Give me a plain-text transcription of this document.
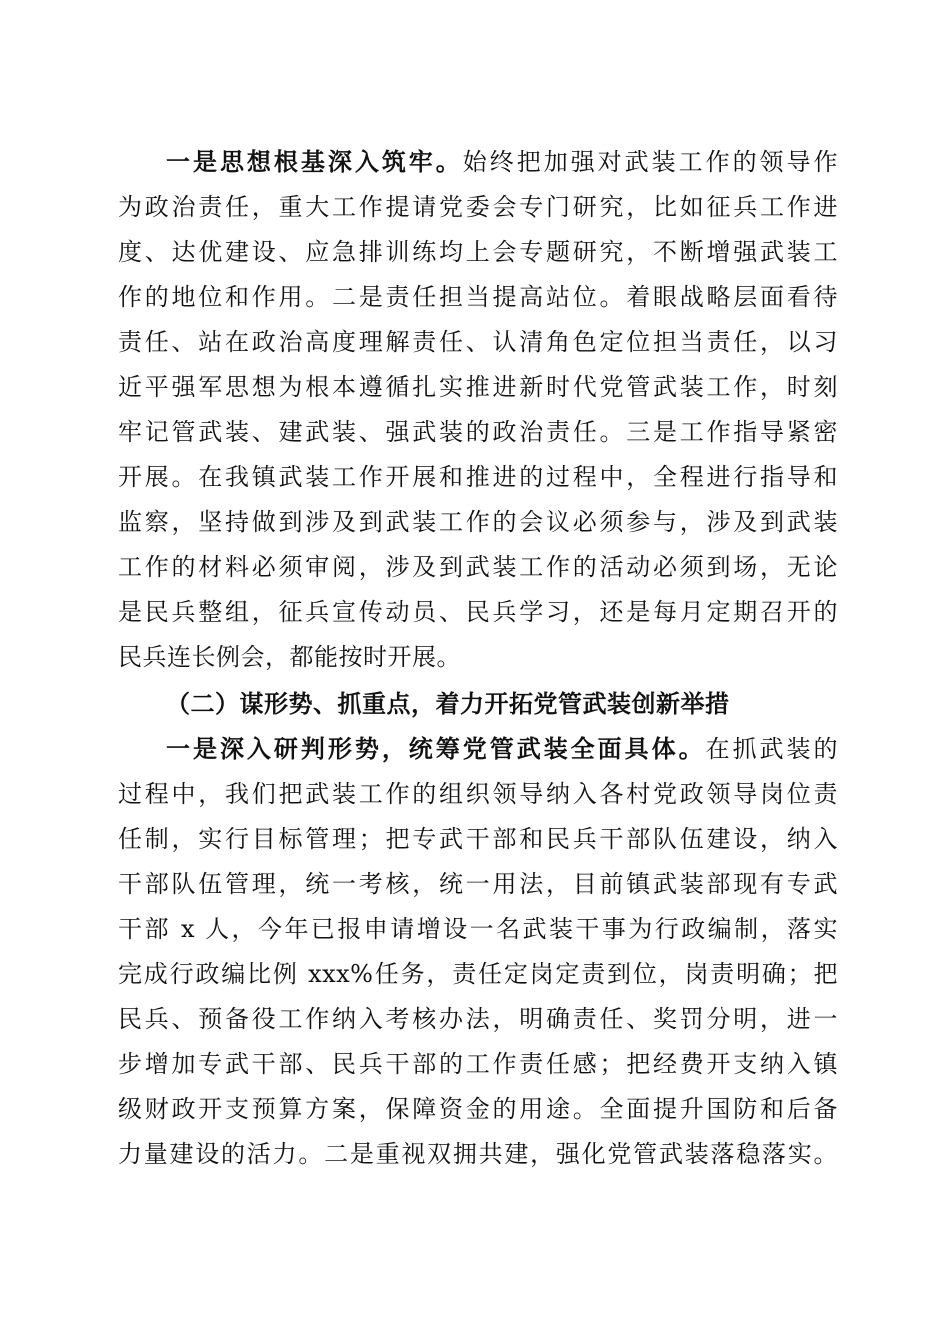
一是思想根基深入筑牢。始终把加强对武装工作的领导作
为政治责任，重大工作提请党委会专门研究，比如征兵工作进
度、达优建设、应急排训练均上会专题研究，不断增强武装工
作的地位和作用。二是责任担当提高站位。着眼战略层面看待
责任、站在政治高度理解责任、认清角色定位担当责任，以习
近平强军思想为根本遵循扎实推进新时代党管武装工作，时刻
牢记管武装、建武装、强武装的政治责任。三是工作指导紧密
开展。在我镇武装工作开展和推进的过程中，全程进行指导和
监察，坚持做到涉及到武装工作的会议必须参与，涉及到武装
工作的材料必须审阅，涉及到武装工作的活动必须到场，无论
是民兵整组，征兵宣传动员、民兵学习，还是每月定期召开的
民兵连长例会，都能按时开展。
（二）谋形势、抓重点，着力开拓党管武装创新举措
一是深入研判形势，统筹党管武装全面具体。在抓武装的
过程中，我们把武装工作的组织领导纳入各村党政领导岗位责
任制，实行目标管理；把专武干部和民兵干部队伍建设，纳入
干部队伍管理，统一考核，统一用法，目前镇武装部现有专武
干部 x 人，今年已报申请增设一名武装干事为行政编制，落实
完成行政编比例 xxx%任务，责任定岗定责到位，岗责明确；把
民兵、预备役工作纳入考核办法，明确责任、奖罚分明，进一
步增加专武干部、民兵干部的工作责任感；把经费开支纳入镇
级财政开支预算方案，保障资金的用途。全面提升国防和后备
力量建设的活力。二是重视双拥共建，强化党管武装落稳落实。
